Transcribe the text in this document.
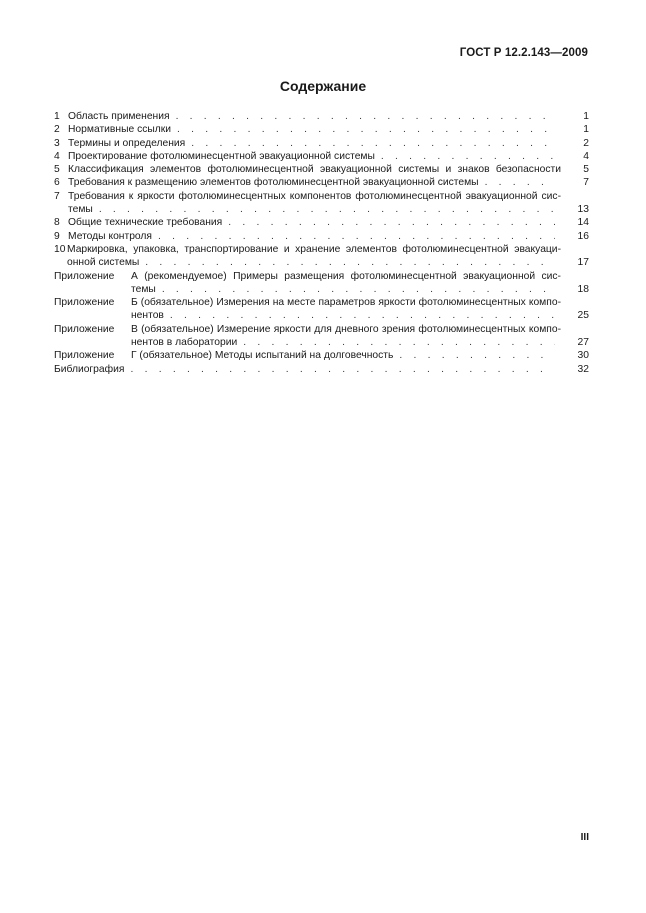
ГОСТ Р 12.2.143—2009
Содержание
1 Область применения . . .	1
2 Нормативные ссылки . . .	1
3 Термины и определения . . .	2
4 Проектирование фотолюминесцентной эвакуационной системы . . .	4
5 Классификация элементов фотолюминесцентной эвакуационной системы и знаков безопасности	5
6 Требования к размещению элементов фотолюминесцентной эвакуационной системы . . .	7
7 Требования к яркости фотолюминесцентных компонентов фотолюминесцентной эвакуационной сис-
темы . . .	13
8 Общие технические требования . . .	14
9 Методы контроля . . .	16
10 Маркировка, упаковка, транспортирование и хранение элементов фотолюминесцентной эвакуаци-
онной системы . . .	17
Приложение	А (рекомендуемое) Примеры размещения фотолюминесцентной эвакуационной сис-
темы . . .	18
Приложение	Б (обязательное) Измерения на месте параметров яркости фотолюминесцентных компо-
нентов . . .	25
Приложение	В (обязательное) Измерение яркости для дневного зрения фотолюминесцентных компо-
нентов в лаборатории . . .	27
Приложение	Г (обязательное) Методы испытаний на долговечность . . .	30
Библиография . . .	32
III
